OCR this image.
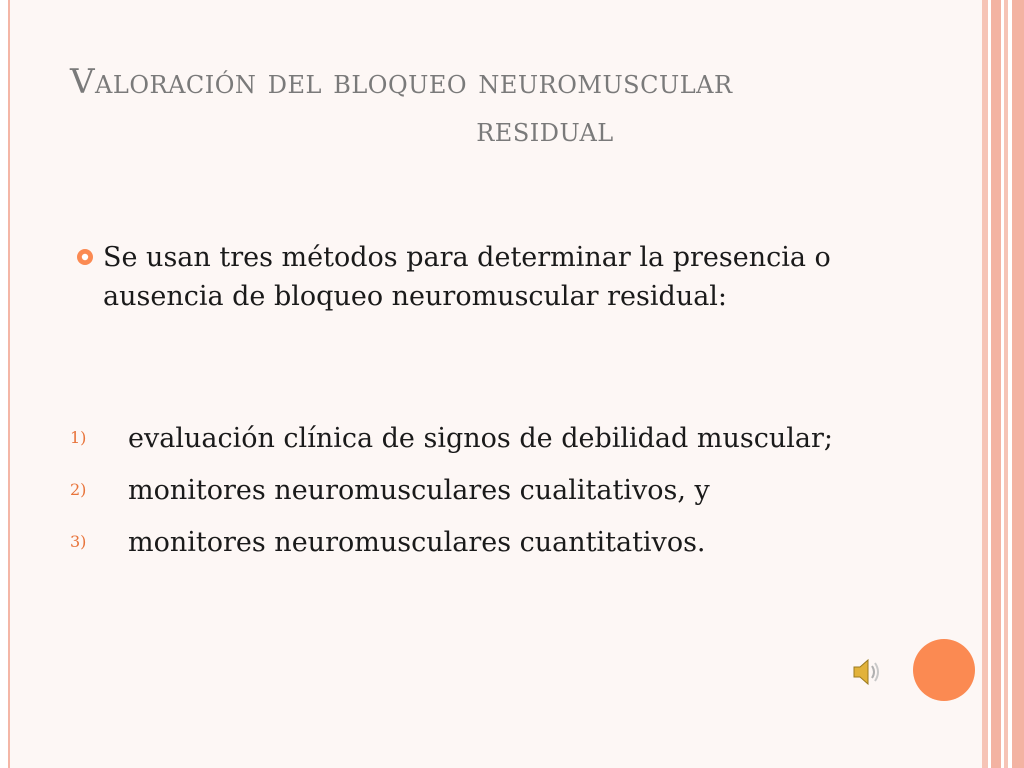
Valoración del bloqueo neuromuscular
residual
Se usan tres métodos para determinar la presencia o ausencia de bloqueo neuromuscular residual:
1) evaluación clínica de signos de debilidad muscular;
2) monitores neuromusculares cualitativos, y
3) monitores neuromusculares cuantitativos.
